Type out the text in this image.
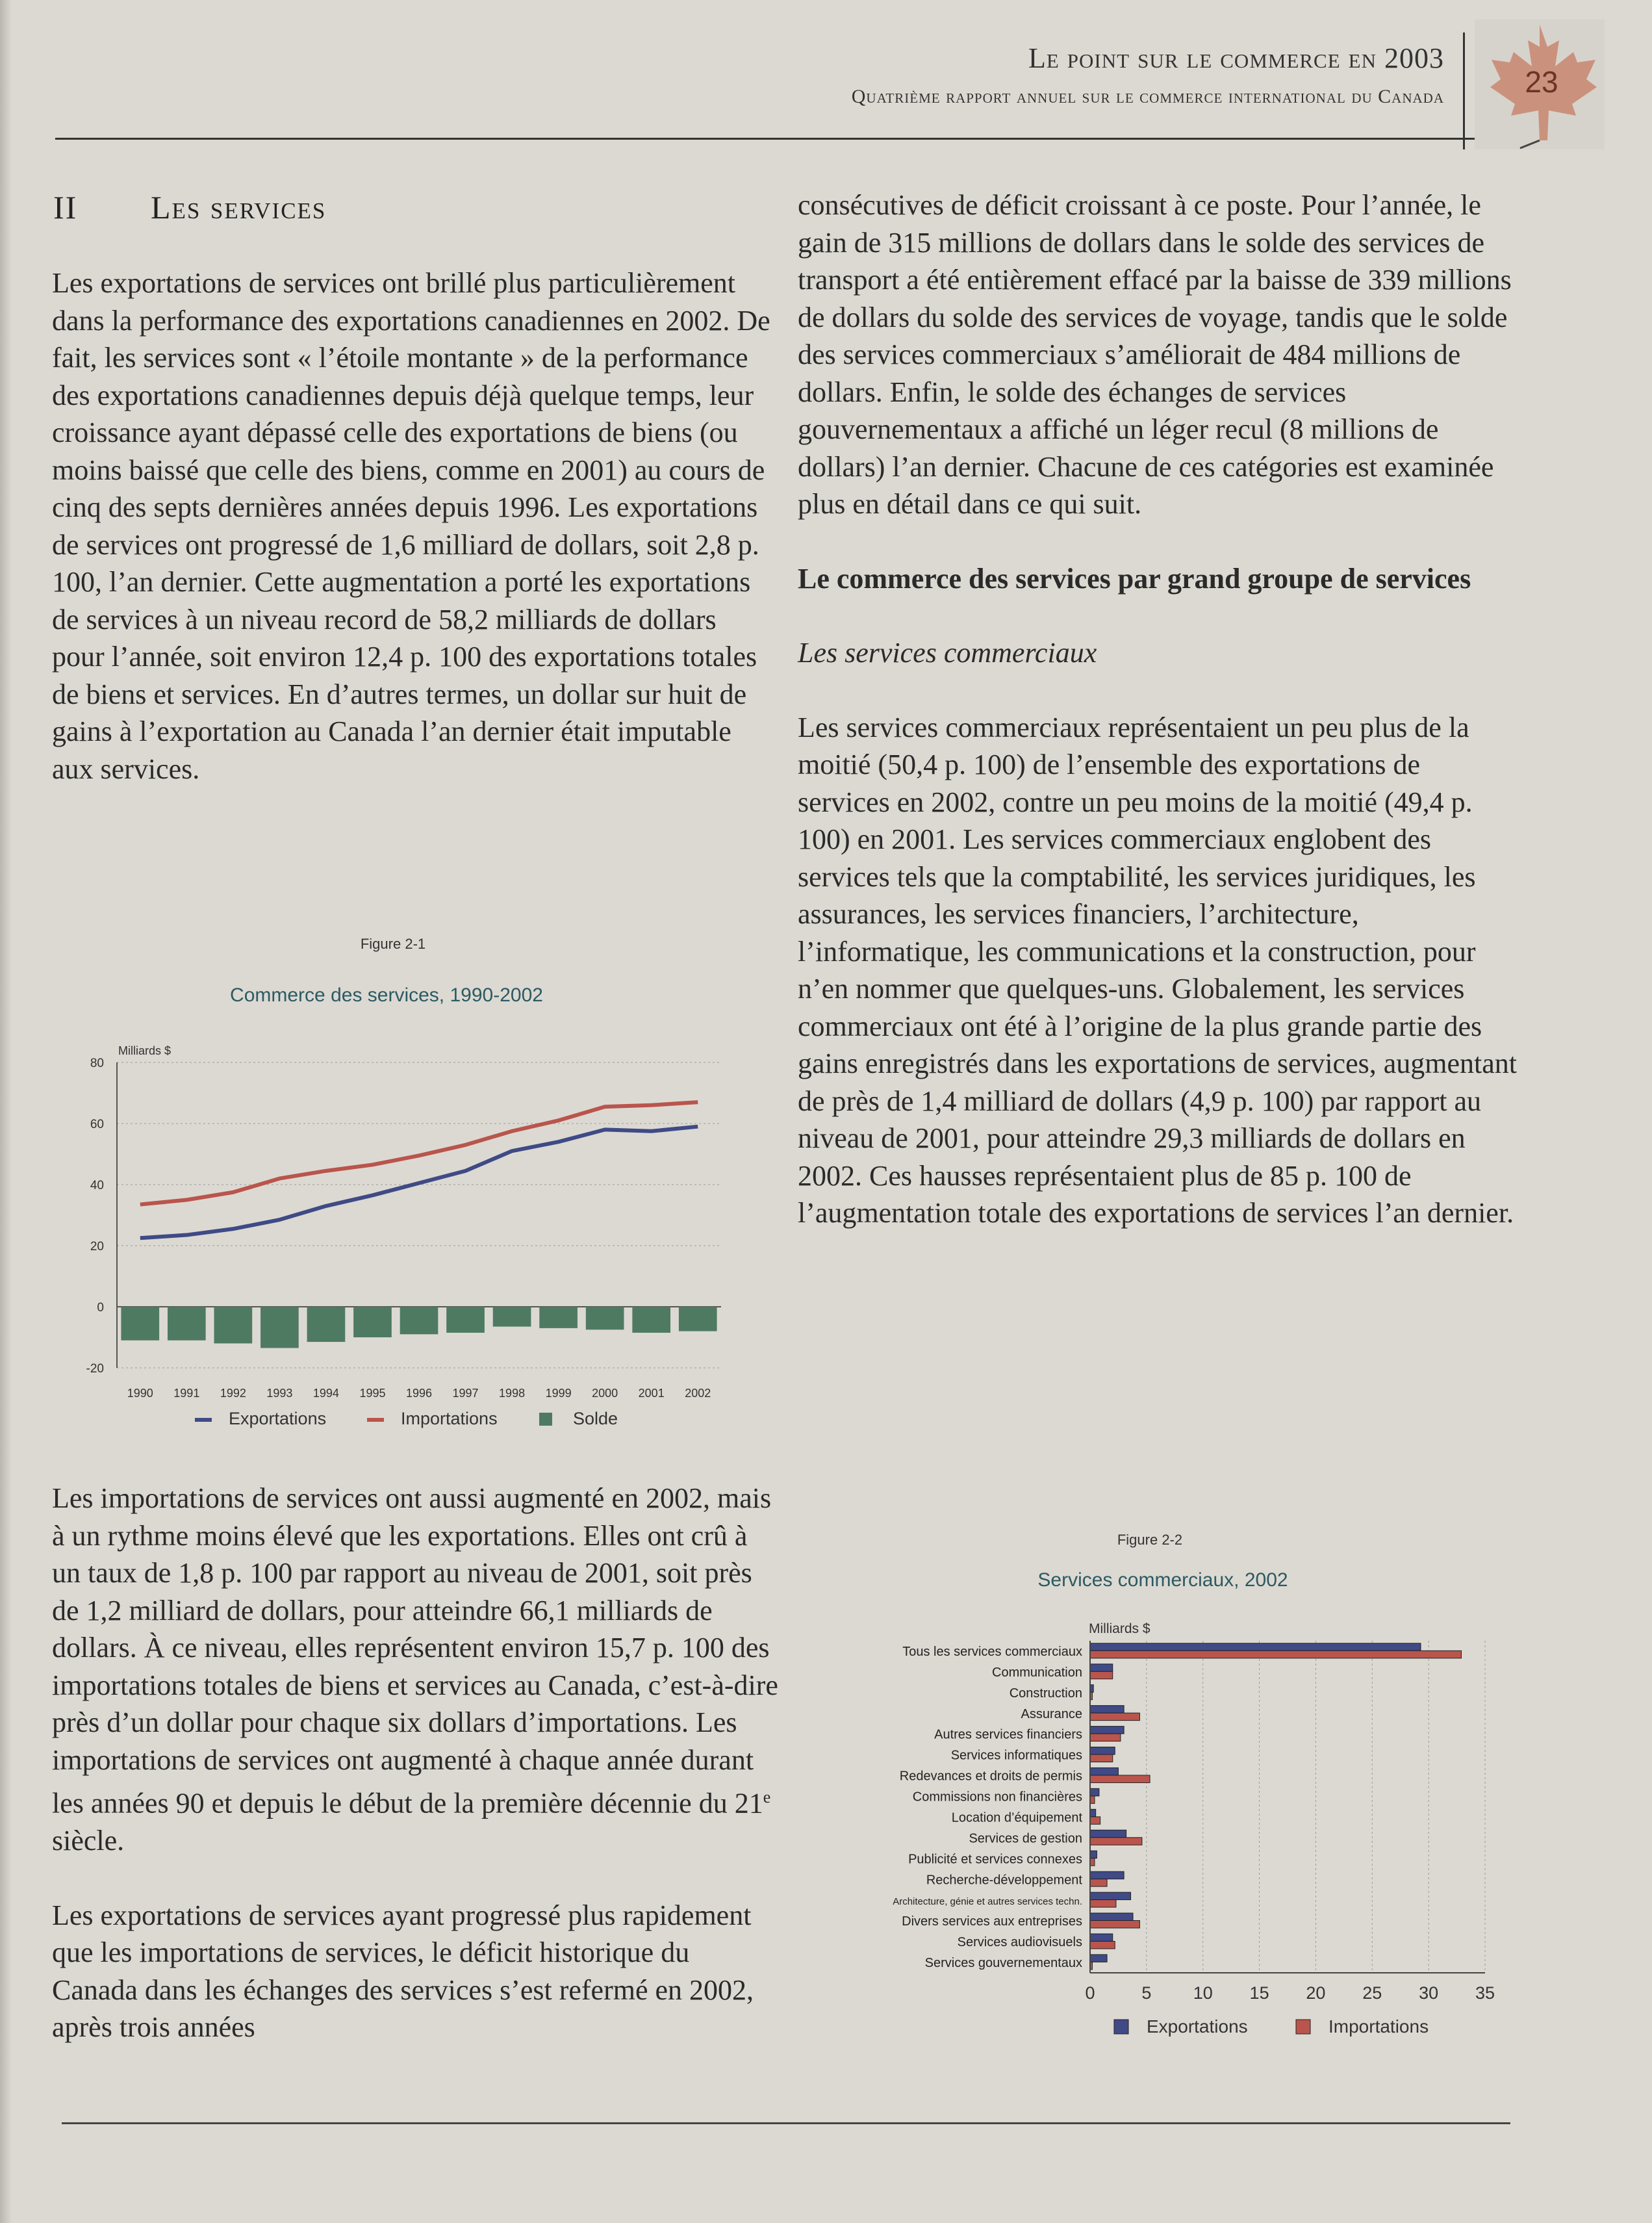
Le point sur le commerce en 2003
Quatrième rapport annuel sur le commerce international du Canada	23
II Les services

Les exportations de services ont brillé plus particulièrement dans la performance des exportations canadiennes en 2002. De fait, les services sont « l’étoile montante » de la performance des exportations canadiennes depuis déjà quelque temps, leur croissance ayant dépassé celle des exportations de biens (ou moins baissé que celle des biens, comme en 2001) au cours de cinq des septs dernières années depuis 1996. Les exportations de services ont progressé de 1,6 milliard de dollars, soit 2,8 p. 100, l’an dernier. Cette augmentation a porté les exportations de services à un niveau record de 58,2 milliards de dollars pour l’année, soit environ 12,4 p. 100 des exportations totales de biens et services. En d’autres termes, un dollar sur huit de gains à l’exportation au Canada l’an dernier était imputable aux services.

Figure 2-1
Commerce des services, 1990-2002
Milliards $
80
60
40
20
0
-20
1990 1991 1992 1993 1994 1995 1996 1997 1998 1999 2000 2001 2002
Exportations	Importations	Solde

Les importations de services ont aussi augmenté en 2002, mais à un rythme moins élevé que les exportations. Elles ont crû à un taux de 1,8 p. 100 par rapport au niveau de 2001, soit près de 1,2 milliard de dollars, pour atteindre 66,1 milliards de dollars. À ce niveau, elles représentent environ 15,7 p. 100 des importations totales de biens et services au Canada, c’est-à-dire près d’un dollar pour chaque six dollars d’importations. Les importations de services ont augmenté à chaque année durant les années 90 et depuis le début de la première décennie du 21e siècle.

Les exportations de services ayant progressé plus rapidement que les importations de services, le déficit historique du Canada dans les échanges des services s’est refermé en 2002, après trois années

consécutives de déficit croissant à ce poste. Pour l’année, le gain de 315 millions de dollars dans le solde des services de transport a été entièrement effacé par la baisse de 339 millions de dollars du solde des services de voyage, tandis que le solde des services commerciaux s’améliorait de 484 millions de dollars. Enfin, le solde des échanges de services gouvernementaux a affiché un léger recul (8 millions de dollars) l’an dernier. Chacune de ces catégories est examinée plus en détail dans ce qui suit.

Le commerce des services par grand groupe de services

Les services commerciaux

Les services commerciaux représentaient un peu plus de la moitié (50,4 p. 100) de l’ensemble des exportations de services en 2002, contre un peu moins de la moitié (49,4 p. 100) en 2001. Les services commerciaux englobent des services tels que la comptabilité, les services juridiques, les assurances, les services financiers, l’architecture, l’informatique, les communications et la construction, pour n’en nommer que quelques-uns. Globalement, les services commerciaux ont été à l’origine de la plus grande partie des gains enregistrés dans les exportations de services, augmentant de près de 1,4 milliard de dollars (4,9 p. 100) par rapport au niveau de 2001, pour atteindre 29,3 milliards de dollars en 2002. Ces hausses représentaient plus de 85 p. 100 de l’augmentation totale des exportations de services l’an dernier.

Figure 2-2
Services commerciaux, 2002
Milliards $
0	5 10 15 20 25 30 35
Tous les services commerciaux
Communication
Construction
Assurance
Autres services financiers
Services informatiques
Redevances et droits de permis
Commissions non financières
Location d’équipement
Services de gestion
Publicité et services connexes
Recherche-développement
Architecture, génie et autres services techn.
Divers services aux entreprises
Services audiovisuels
Services gouvernementaux
Exportations	Importations
